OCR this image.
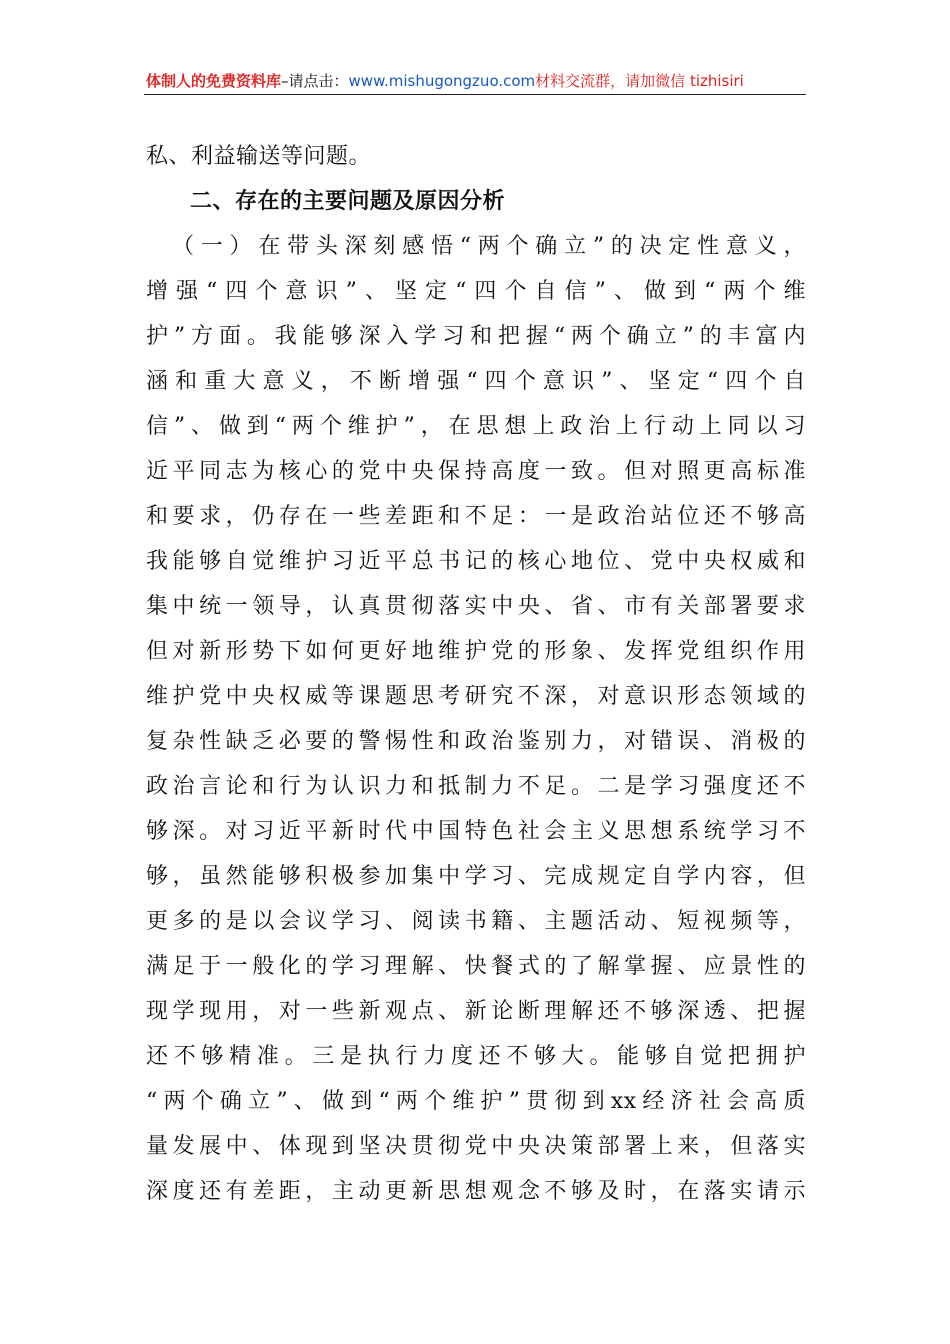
体制人的免费资料库–请点击：www.mishugongzuo.com材料交流群，请加微信 tizhisiri
私、利益输送等问题。
二、存在的主要问题及原因分析
（一）在带头深刻感悟“两个确立”的决定性意义，
增强“四个意识”、坚定“四个自信”、做到“两个维
护”方面。我能够深入学习和把握“两个确立”的丰富内
涵和重大意义，不断增强“四个意识”、坚定“四个自
信”、做到“两个维护”，在思想上政治上行动上同以习
近平同志为核心的党中央保持高度一致。但对照更高标准
和要求，仍存在一些差距和不足：一是政治站位还不够高
我能够自觉维护习近平总书记的核心地位、党中央权威和
集中统一领导，认真贯彻落实中央、省、市有关部署要求
但对新形势下如何更好地维护党的形象、发挥党组织作用
维护党中央权威等课题思考研究不深，对意识形态领域的
复杂性缺乏必要的警惕性和政治鉴别力，对错误、消极的
政治言论和行为认识力和抵制力不足。二是学习强度还不
够深。对习近平新时代中国特色社会主义思想系统学习不
够，虽然能够积极参加集中学习、完成规定自学内容，但
更多的是以会议学习、阅读书籍、主题活动、短视频等，
满足于一般化的学习理解、快餐式的了解掌握、应景性的
现学现用，对一些新观点、新论断理解还不够深透、把握
还不够精准。三是执行力度还不够大。能够自觉把拥护
“两个确立”、做到“两个维护”贯彻到xx经济社会高质
量发展中、体现到坚决贯彻党中央决策部署上来，但落实
深度还有差距，主动更新思想观念不够及时，在落实请示
